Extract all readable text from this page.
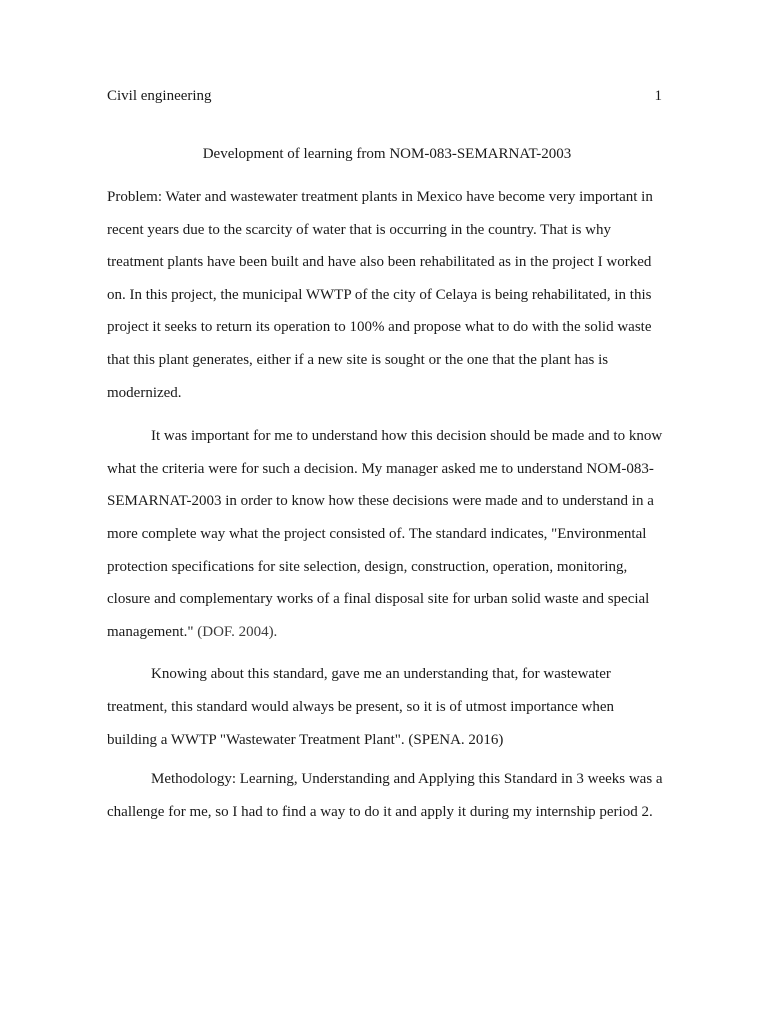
Civil engineering	1
Development of learning from NOM-083-SEMARNAT-2003

Problem: Water and wastewater treatment plants in Mexico have become very important in recent years due to the scarcity of water that is occurring in the country. That is why treatment plants have been built and have also been rehabilitated as in the project I worked on. In this project, the municipal WWTP of the city of Celaya is being rehabilitated, in this project it seeks to return its operation to 100% and propose what to do with the solid waste that this plant generates, either if a new site is sought or the one that the plant has is modernized.

It was important for me to understand how this decision should be made and to know what the criteria were for such a decision. My manager asked me to understand NOM-083-SEMARNAT-2003 in order to know how these decisions were made and to understand in a more complete way what the project consisted of. The standard indicates, "Environmental protection specifications for site selection, design, construction, operation, monitoring, closure and complementary works of a final disposal site for urban solid waste and special management." (DOF. 2004).

Knowing about this standard, gave me an understanding that, for wastewater treatment, this standard would always be present, so it is of utmost importance when building a WWTP "Wastewater Treatment Plant". (SPENA. 2016)

Methodology: Learning, Understanding and Applying this Standard in 3 weeks was a challenge for me, so I had to find a way to do it and apply it during my internship period 2.
